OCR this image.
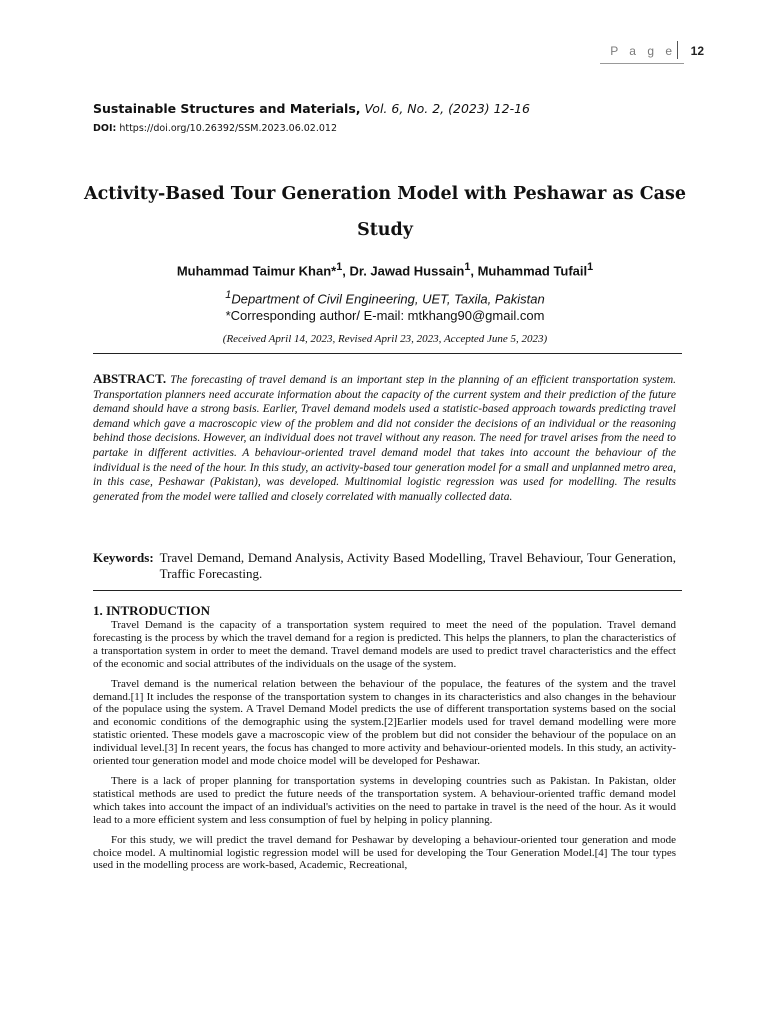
P a g e 12
Sustainable Structures and Materials, Vol. 6, No. 2, (2023) 12-16
DOI: https://doi.org/10.26392/SSM.2023.06.02.012
Activity-Based Tour Generation Model with Peshawar as Case Study
Muhammad Taimur Khan*$^1$, Dr. Jawad Hussain$^1$, Muhammad Tufail$^1$
$^1$Department of Civil Engineering, UET, Taxila, Pakistan
*Corresponding author/ E-mail: mtkhang90@gmail.com
(Received April 14, 2023, Revised April 23, 2023, Accepted June 5, 2023)
ABSTRACT. The forecasting of travel demand is an important step in the planning of an efficient transportation system. Transportation planners need accurate information about the capacity of the current system and their prediction of the future demand should have a strong basis. Earlier, Travel demand models used a statistic-based approach towards predicting travel demand which gave a macroscopic view of the problem and did not consider the decisions of an individual or the reasoning behind those decisions. However, an individual does not travel without any reason. The need for travel arises from the need to partake in different activities. A behaviour-oriented travel demand model that takes into account the behaviour of the individual is the need of the hour. In this study, an activity-based tour generation model for a small and unplanned metro area, in this case, Peshawar (Pakistan), was developed. Multinomial logistic regression was used for modelling. The results generated from the model were tallied and closely correlated with manually collected data.
Keywords: Travel Demand, Demand Analysis, Activity Based Modelling, Travel Behaviour, Tour Generation, Traffic Forecasting.
1. INTRODUCTION

Travel Demand is the capacity of a transportation system required to meet the need of the population. Travel demand forecasting is the process by which the travel demand for a region is predicted. This helps the planners, to plan the characteristics of a transportation system in order to meet the demand. Travel demand models are used to predict travel characteristics and the effect of the economic and social attributes of the individuals on the usage of the system.

Travel demand is the numerical relation between the behaviour of the populace, the features of the system and the travel demand.[1] It includes the response of the transportation system to changes in its characteristics and also changes in the behaviour of the populace using the system. A Travel Demand Model predicts the use of different transportation systems based on the social and economic conditions of the demographic using the system.[2]Earlier models used for travel demand modelling were more statistic oriented. These models gave a macroscopic view of the problem but did not consider the behaviour of the populace on an individual level.[3] In recent years, the focus has changed to more activity and behaviour-oriented models. In this study, an activity-oriented tour generation model and mode choice model will be developed for Peshawar.

There is a lack of proper planning for transportation systems in developing countries such as Pakistan. In Pakistan, older statistical methods are used to predict the future needs of the transportation system. A behaviour-oriented traffic demand model which takes into account the impact of an individual's activities on the need to partake in travel is the need of the hour. As it would lead to a more efficient system and less consumption of fuel by helping in policy planning.

For this study, we will predict the travel demand for Peshawar by developing a behaviour-oriented tour generation and mode choice model. A multinomial logistic regression model will be used for developing the Tour Generation Model.[4] The tour types used in the modelling process are work-based, Academic, Recreational,
